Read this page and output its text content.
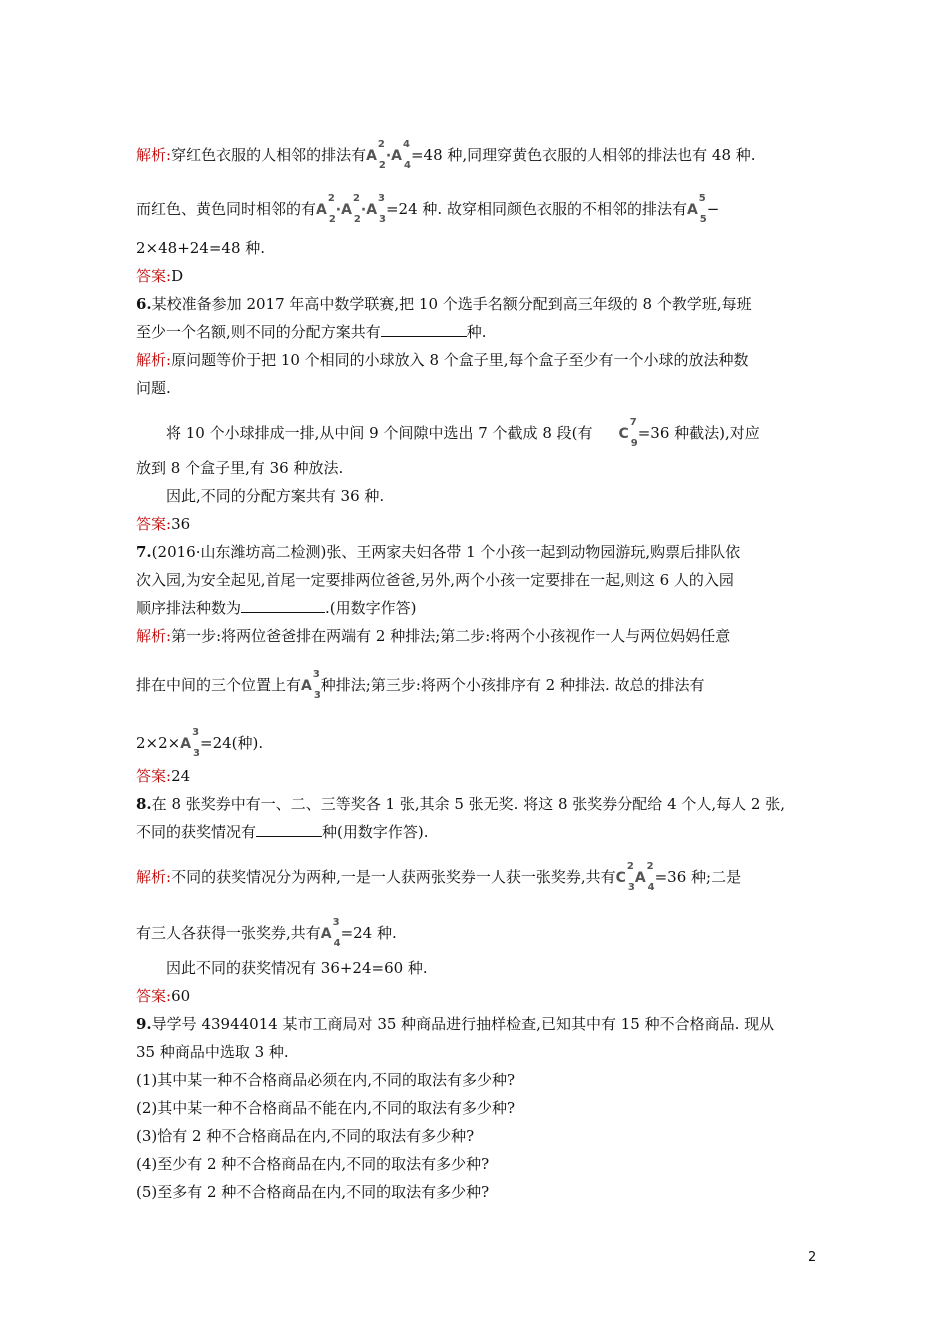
解析:穿红色衣服的人相邻的排法有$A^2_2\cdot A^4_4=48$ 种,同理穿黄色衣服的人相邻的排法也有 48 种.
而红色、黄色同时相邻的有$A^2_2\cdot A^2_2\cdot A^3_3=24$ 种. 故穿相同颜色衣服的不相邻的排法有$A^5_5-$
2×48+24=48 种.
答案:D
6.某校准备参加 2017 年高中数学联赛,把 10 个选手名额分配到高三年级的 8 个教学班,每班
至少一个名额,则不同的分配方案共有	种.
解析:原问题等价于把 10 个相同的小球放入 8 个盒子里,每个盒子至少有一个小球的放法种数
问题.
将 10 个小球排成一排,从中间 9 个间隙中选出 7 个截成 8 段(有 $C^7_9=36$ 种截法),对应
放到 8 个盒子里,有 36 种放法.
因此,不同的分配方案共有 36 种.
答案:36
7.(2016·山东潍坊高二检测)张、王两家夫妇各带 1 个小孩一起到动物园游玩,购票后排队依
次入园,为安全起见,首尾一定要排两位爸爸,另外,两个小孩一定要排在一起,则这 6 人的入园
顺序排法种数为	.(用数字作答)
解析:第一步:将两位爸爸排在两端有 2 种排法;第二步:将两个小孩视作一人与两位妈妈任意
排在中间的三个位置上有$A^3_3$种排法;第三步:将两个小孩排序有 2 种排法. 故总的排法有
$2\times 2\times A^3_3=24$(种).
答案:24
8.在 8 张奖券中有一、二、三等奖各 1 张,其余 5 张无奖. 将这 8 张奖券分配给 4 个人,每人 2 张,
不同的获奖情况有	种(用数字作答).
解析:不同的获奖情况分为两种,一是一人获两张奖券一人获一张奖券,共有$C^2_3A^2_4=36$ 种;二是
有三人各获得一张奖券,共有$A^3_4=24$ 种.
因此不同的获奖情况有 36+24=60 种.
答案:60
9.导学号 43944014 某市工商局对 35 种商品进行抽样检查,已知其中有 15 种不合格商品. 现从
35 种商品中选取 3 种.
(1)其中某一种不合格商品必须在内,不同的取法有多少种?
(2)其中某一种不合格商品不能在内,不同的取法有多少种?
(3)恰有 2 种不合格商品在内,不同的取法有多少种?
(4)至少有 2 种不合格商品在内,不同的取法有多少种?
(5)至多有 2 种不合格商品在内,不同的取法有多少种?
2
